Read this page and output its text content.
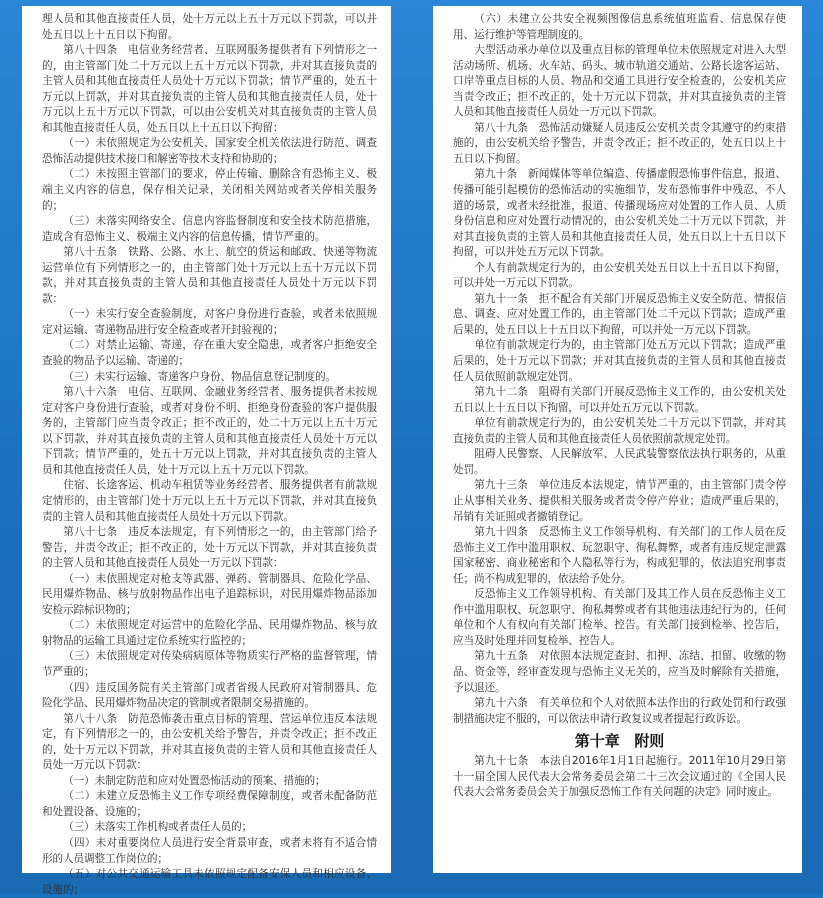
理人员和其他直接责任人员，处十万元以上五十万元以下罚款，可以并处五日以上十五日以下拘留。

第八十四条　电信业务经营者、互联网服务提供者有下列情形之一的，由主管部门处二十万元以上五十万元以下罚款，并对其直接负责的主管人员和其他直接责任人员处十万元以下罚款；情节严重的，处五十万元以上罚款，并对其直接负责的主管人员和其他直接责任人员，处十万元以上五十万元以下罚款，可以由公安机关对其直接负责的主管人员和其他直接责任人员，处五日以上十五日以下拘留：

（一）未依照规定为公安机关、国家安全机关依法进行防范、调查恐怖活动提供技术接口和解密等技术支持和协助的；

（二）未按照主管部门的要求，停止传输、删除含有恐怖主义、极端主义内容的信息，保存相关记录，关闭相关网站或者关停相关服务的；

（三）未落实网络安全、信息内容监督制度和安全技术防范措施，造成含有恐怖主义、极端主义内容的信息传播，情节严重的。

第八十五条　铁路、公路、水上、航空的货运和邮政、快递等物流运营单位有下列情形之一的，由主管部门处十万元以上五十万元以下罚款，并对其直接负责的主管人员和其他直接责任人员处十万元以下罚款：

（一）未实行安全查验制度，对客户身份进行查验，或者未依照规定对运输、寄递物品进行安全检查或者开封验视的；

（二）对禁止运输、寄递，存在重大安全隐患，或者客户拒绝安全查验的物品予以运输、寄递的；

（三）未实行运输、寄递客户身份、物品信息登记制度的。

第八十六条　电信、互联网、金融业务经营者、服务提供者未按规定对客户身份进行查验，或者对身份不明、拒绝身份查验的客户提供服务的，主管部门应当责令改正；拒不改正的，处二十万元以上五十万元以下罚款，并对其直接负责的主管人员和其他直接责任人员处十万元以下罚款；情节严重的，处五十万元以上罚款，并对其直接负责的主管人员和其他直接责任人员，处十万元以上五十万元以下罚款。

住宿、长途客运、机动车租赁等业务经营者、服务提供者有前款规定情形的，由主管部门处十万元以上五十万元以下罚款，并对其直接负责的主管人员和其他直接责任人员处十万元以下罚款。

第八十七条　违反本法规定，有下列情形之一的，由主管部门给予警告，并责令改正；拒不改正的，处十万元以下罚款，并对其直接负责的主管人员和其他直接责任人员处一万元以下罚款：

（一）未依照规定对枪支等武器、弹药、管制器具、危险化学品、民用爆炸物品、核与放射物品作出电子追踪标识，对民用爆炸物品添加安检示踪标识物的；

（二）未依照规定对运营中的危险化学品、民用爆炸物品、核与放射物品的运输工具通过定位系统实行监控的；

（三）未依照规定对传染病病原体等物质实行严格的监督管理，情节严重的；

（四）违反国务院有关主管部门或者省级人民政府对管制器具、危险化学品、民用爆炸物品决定的管制或者限制交易措施的。

第八十八条　防范恐怖袭击重点目标的管理、营运单位违反本法规定，有下列情形之一的，由公安机关给予警告，并责令改正；拒不改正的，处十万元以下罚款，并对其直接负责的主管人员和其他直接责任人员处一万元以下罚款：

（一）未制定防范和应对处置恐怖活动的预案、措施的；

（二）未建立反恐怖主义工作专项经费保障制度，或者未配备防范和处置设备、设施的；

（三）未落实工作机构或者责任人员的；

（四）未对重要岗位人员进行安全背景审查，或者未将有不适合情形的人员调整工作岗位的；

（五）对公共交通运输工具未依照规定配备安保人员和相应设备、设施的；

（六）未建立公共安全视频图像信息系统值班监看、信息保存使用、运行维护等管理制度的。

大型活动承办单位以及重点目标的管理单位未依照规定对进入大型活动场所、机场、火车站、码头、城市轨道交通站、公路长途客运站、口岸等重点目标的人员、物品和交通工具进行安全检查的，公安机关应当责令改正；拒不改正的，处十万元以下罚款，并对其直接负责的主管人员和其他直接责任人员处一万元以下罚款。

第八十九条　恐怖活动嫌疑人员违反公安机关责令其遵守的约束措施的，由公安机关给予警告，并责令改正；拒不改正的，处五日以上十五日以下拘留。

第九十条　新闻媒体等单位编造、传播虚假恐怖事件信息，报道、传播可能引起模仿的恐怖活动的实施细节，发布恐怖事件中残忍、不人道的场景，或者未经批准，报道、传播现场应对处置的工作人员、人质身份信息和应对处置行动情况的，由公安机关处二十万元以下罚款，并对其直接负责的主管人员和其他直接责任人员，处五日以上十五日以下拘留，可以并处五万元以下罚款。

个人有前款规定行为的，由公安机关处五日以上十五日以下拘留，可以并处一万元以下罚款。

第九十一条　拒不配合有关部门开展反恐怖主义安全防范、情报信息、调查、应对处置工作的，由主管部门处二千元以下罚款；造成严重后果的，处五日以上十五日以下拘留，可以并处一万元以下罚款。

单位有前款规定行为的，由主管部门处五万元以下罚款；造成严重后果的，处十万元以下罚款；并对其直接负责的主管人员和其他直接责任人员依照前款规定处罚。

第九十二条　阻碍有关部门开展反恐怖主义工作的，由公安机关处五日以上十五日以下拘留，可以并处五万元以下罚款。

单位有前款规定行为的，由公安机关处二十万元以下罚款，并对其直接负责的主管人员和其他直接责任人员依照前款规定处罚。

阻碍人民警察、人民解放军、人民武装警察依法执行职务的，从重处罚。

第九十三条　单位违反本法规定，情节严重的，由主管部门责令停止从事相关业务、提供相关服务或者责令停产停业；造成严重后果的，吊销有关证照或者撤销登记。

第九十四条　反恐怖主义工作领导机构、有关部门的工作人员在反恐怖主义工作中滥用职权、玩忽职守、徇私舞弊，或者有违反规定泄露国家秘密、商业秘密和个人隐私等行为，构成犯罪的，依法追究刑事责任；尚不构成犯罪的，依法给予处分。

反恐怖主义工作领导机构、有关部门及其工作人员在反恐怖主义工作中滥用职权、玩忽职守、徇私舞弊或者有其他违法违纪行为的，任何单位和个人有权向有关部门检举、控告。有关部门接到检举、控告后，应当及时处理并回复检举、控告人。

第九十五条　对依照本法规定查封、扣押、冻结、扣留、收缴的物品、资金等，经审查发现与恐怖主义无关的，应当及时解除有关措施，予以退还。

第九十六条　有关单位和个人对依照本法作出的行政处罚和行政强制措施决定不服的，可以依法申请行政复议或者提起行政诉讼。

第十章　附则

第九十七条　本法自2016年1月1日起施行。2011年10月29日第十一届全国人民代表大会常务委员会第二十三次会议通过的《全国人民代表大会常务委员会关于加强反恐怖工作有关问题的决定》同时废止。
